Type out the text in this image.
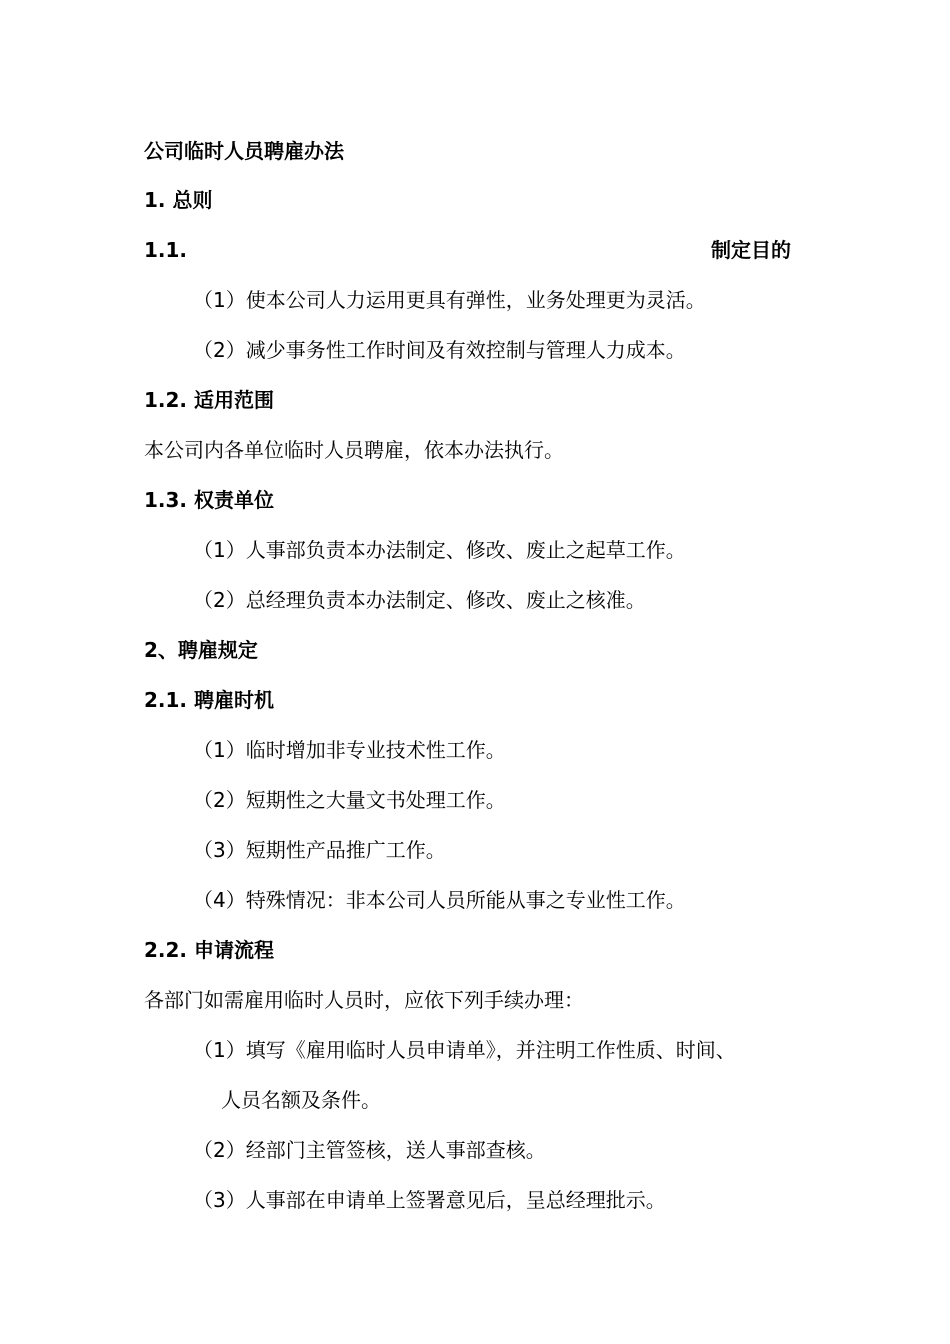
公司临时人员聘雇办法
1. 总则
1.1.	制定目的
（1）使本公司人力运用更具有弹性，业务处理更为灵活。
（2）减少事务性工作时间及有效控制与管理人力成本。
1.2. 适用范围
本公司内各单位临时人员聘雇，依本办法执行。
1.3. 权责单位
（1）人事部负责本办法制定、修改、废止之起草工作。
（2）总经理负责本办法制定、修改、废止之核准。
2、聘雇规定
2.1. 聘雇时机
（1）临时增加非专业技术性工作。
（2）短期性之大量文书处理工作。
（3）短期性产品推广工作。
（4）特殊情况：非本公司人员所能从事之专业性工作。
2.2. 申请流程
各部门如需雇用临时人员时，应依下列手续办理：
（1）填写《雇用临时人员申请单》，并注明工作性质、时间、
人员名额及条件。
（2）经部门主管签核，送人事部查核。
（3）人事部在申请单上签署意见后，呈总经理批示。
